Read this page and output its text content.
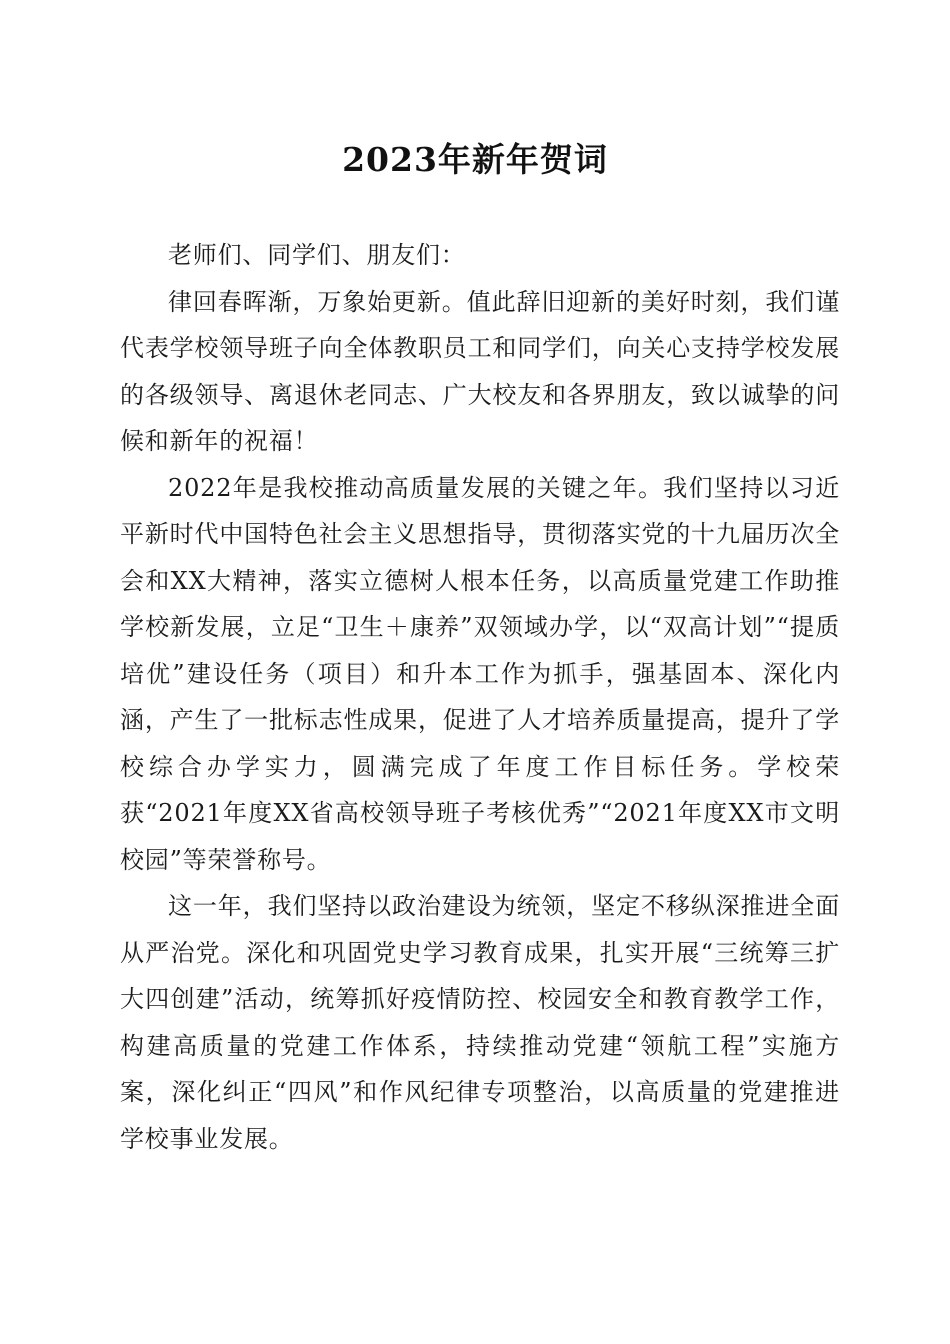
2023年新年贺词

老师们、同学们、朋友们：

律回春晖渐，万象始更新。值此辞旧迎新的美好时刻，我们谨代表学校领导班子向全体教职员工和同学们，向关心支持学校发展的各级领导、离退休老同志、广大校友和各界朋友，致以诚挚的问候和新年的祝福！

2022年是我校推动高质量发展的关键之年。我们坚持以习近平新时代中国特色社会主义思想指导，贯彻落实党的十九届历次全会和XX大精神，落实立德树人根本任务，以高质量党建工作助推学校新发展，立足“卫生＋康养”双领域办学，以“双高计划”“提质培优”建设任务（项目）和升本工作为抓手，强基固本、深化内涵，产生了一批标志性成果，促进了人才培养质量提高，提升了学校综合办学实力，圆满完成了年度工作目标任务。学校荣获“2021年度XX省高校领导班子考核优秀”“2021年度XX市文明校园”等荣誉称号。

这一年，我们坚持以政治建设为统领，坚定不移纵深推进全面从严治党。深化和巩固党史学习教育成果，扎实开展“三统筹三扩大四创建”活动，统筹抓好疫情防控、校园安全和教育教学工作，构建高质量的党建工作体系，持续推动党建“领航工程”实施方案，深化纠正“四风”和作风纪律专项整治，以高质量的党建推进学校事业发展。
